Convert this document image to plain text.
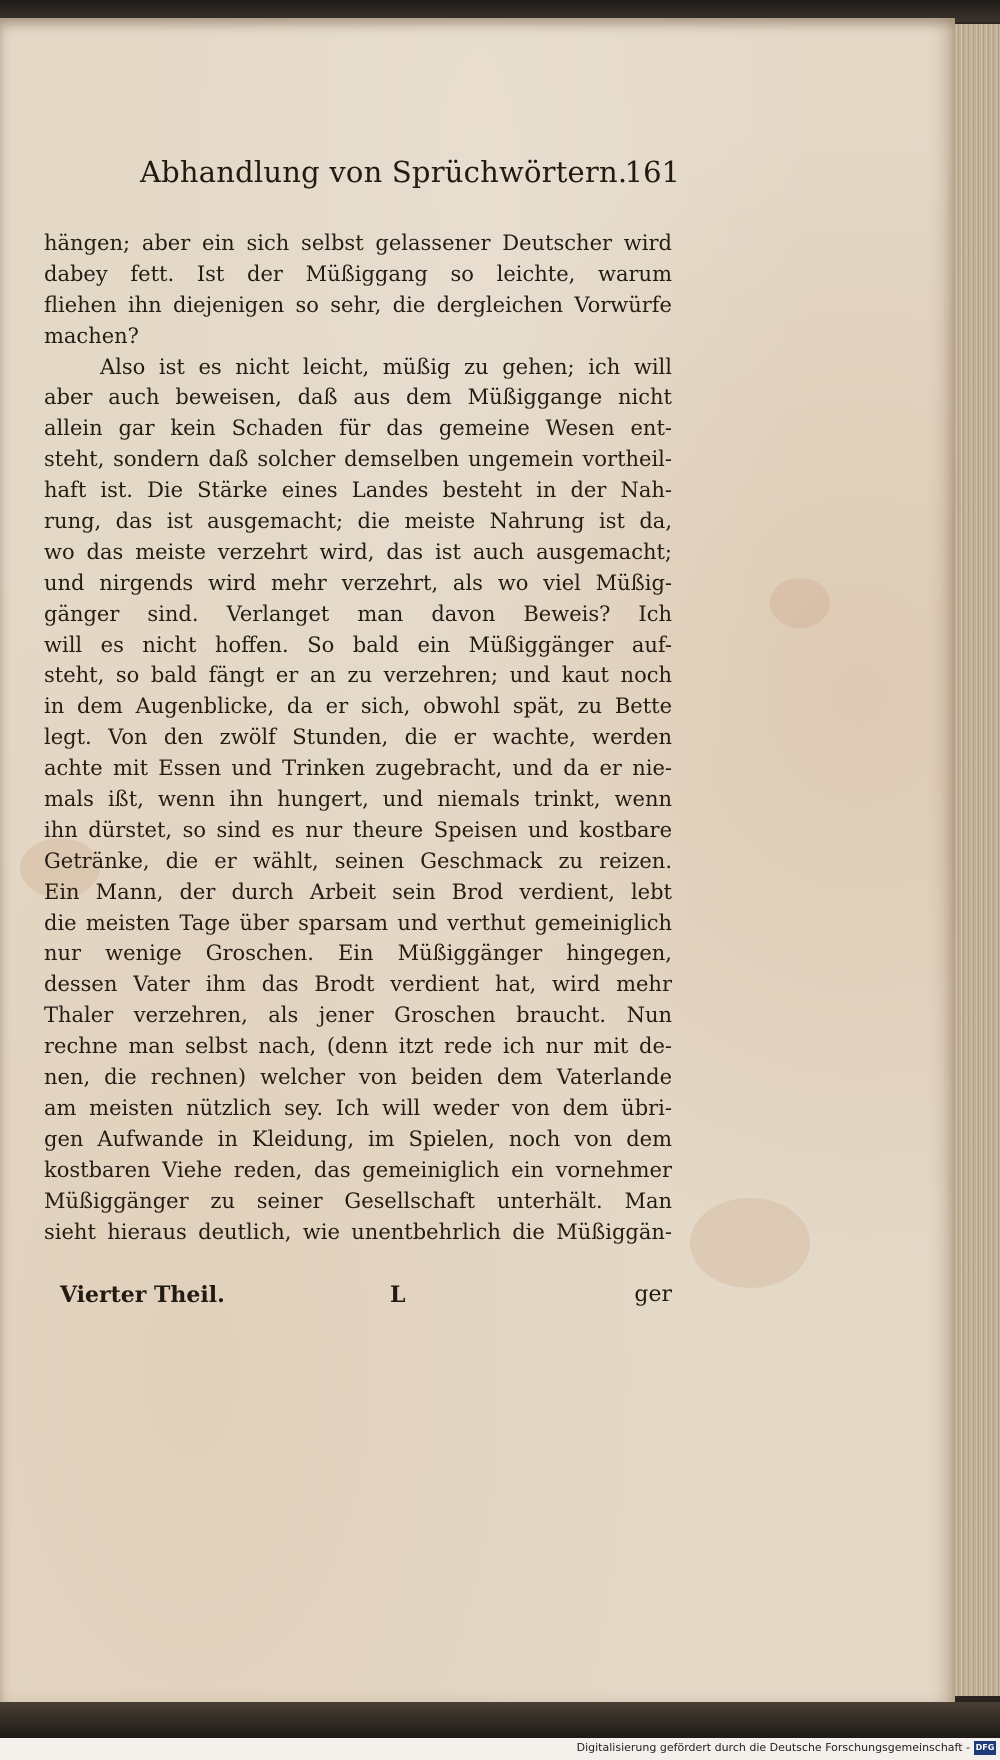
Abhandlung von Sprüchwörtern.
161
hängen; aber ein sich selbst gelassener Deutscher wird
dabey fett. Ist der Müßiggang so leichte, warum
fliehen ihn diejenigen so sehr, die dergleichen Vorwürfe
machen?
Also ist es nicht leicht, müßig zu gehen; ich will
aber auch beweisen, daß aus dem Müßiggange nicht
allein gar kein Schaden für das gemeine Wesen ent-
steht, sondern daß solcher demselben ungemein vortheil-
haft ist. Die Stärke eines Landes besteht in der Nah-
rung, das ist ausgemacht; die meiste Nahrung ist da,
wo das meiste verzehrt wird, das ist auch ausgemacht;
und nirgends wird mehr verzehrt, als wo viel Müßig-
gänger sind. Verlanget man davon Beweis? Ich
will es nicht hoffen. So bald ein Müßiggänger auf-
steht, so bald fängt er an zu verzehren; und kaut noch
in dem Augenblicke, da er sich, obwohl spät, zu Bette
legt. Von den zwölf Stunden, die er wachte, werden
achte mit Essen und Trinken zugebracht, und da er nie-
mals ißt, wenn ihn hungert, und niemals trinkt, wenn
ihn dürstet, so sind es nur theure Speisen und kostbare
Getränke, die er wählt, seinen Geschmack zu reizen.
Ein Mann, der durch Arbeit sein Brod verdient, lebt
die meisten Tage über sparsam und verthut gemeiniglich
nur wenige Groschen. Ein Müßiggänger hingegen,
dessen Vater ihm das Brodt verdient hat, wird mehr
Thaler verzehren, als jener Groschen braucht. Nun
rechne man selbst nach, (denn itzt rede ich nur mit de-
nen, die rechnen) welcher von beiden dem Vaterlande
am meisten nützlich sey. Ich will weder von dem übri-
gen Aufwande in Kleidung, im Spielen, noch von dem
kostbaren Viehe reden, das gemeiniglich ein vornehmer
Müßiggänger zu seiner Gesellschaft unterhält. Man
sieht hieraus deutlich, wie unentbehrlich die Müßiggän-
Vierter Theil.	L	ger
Digitalisierung gefördert durch die Deutsche Forschungsgemeinschaft - DFG
